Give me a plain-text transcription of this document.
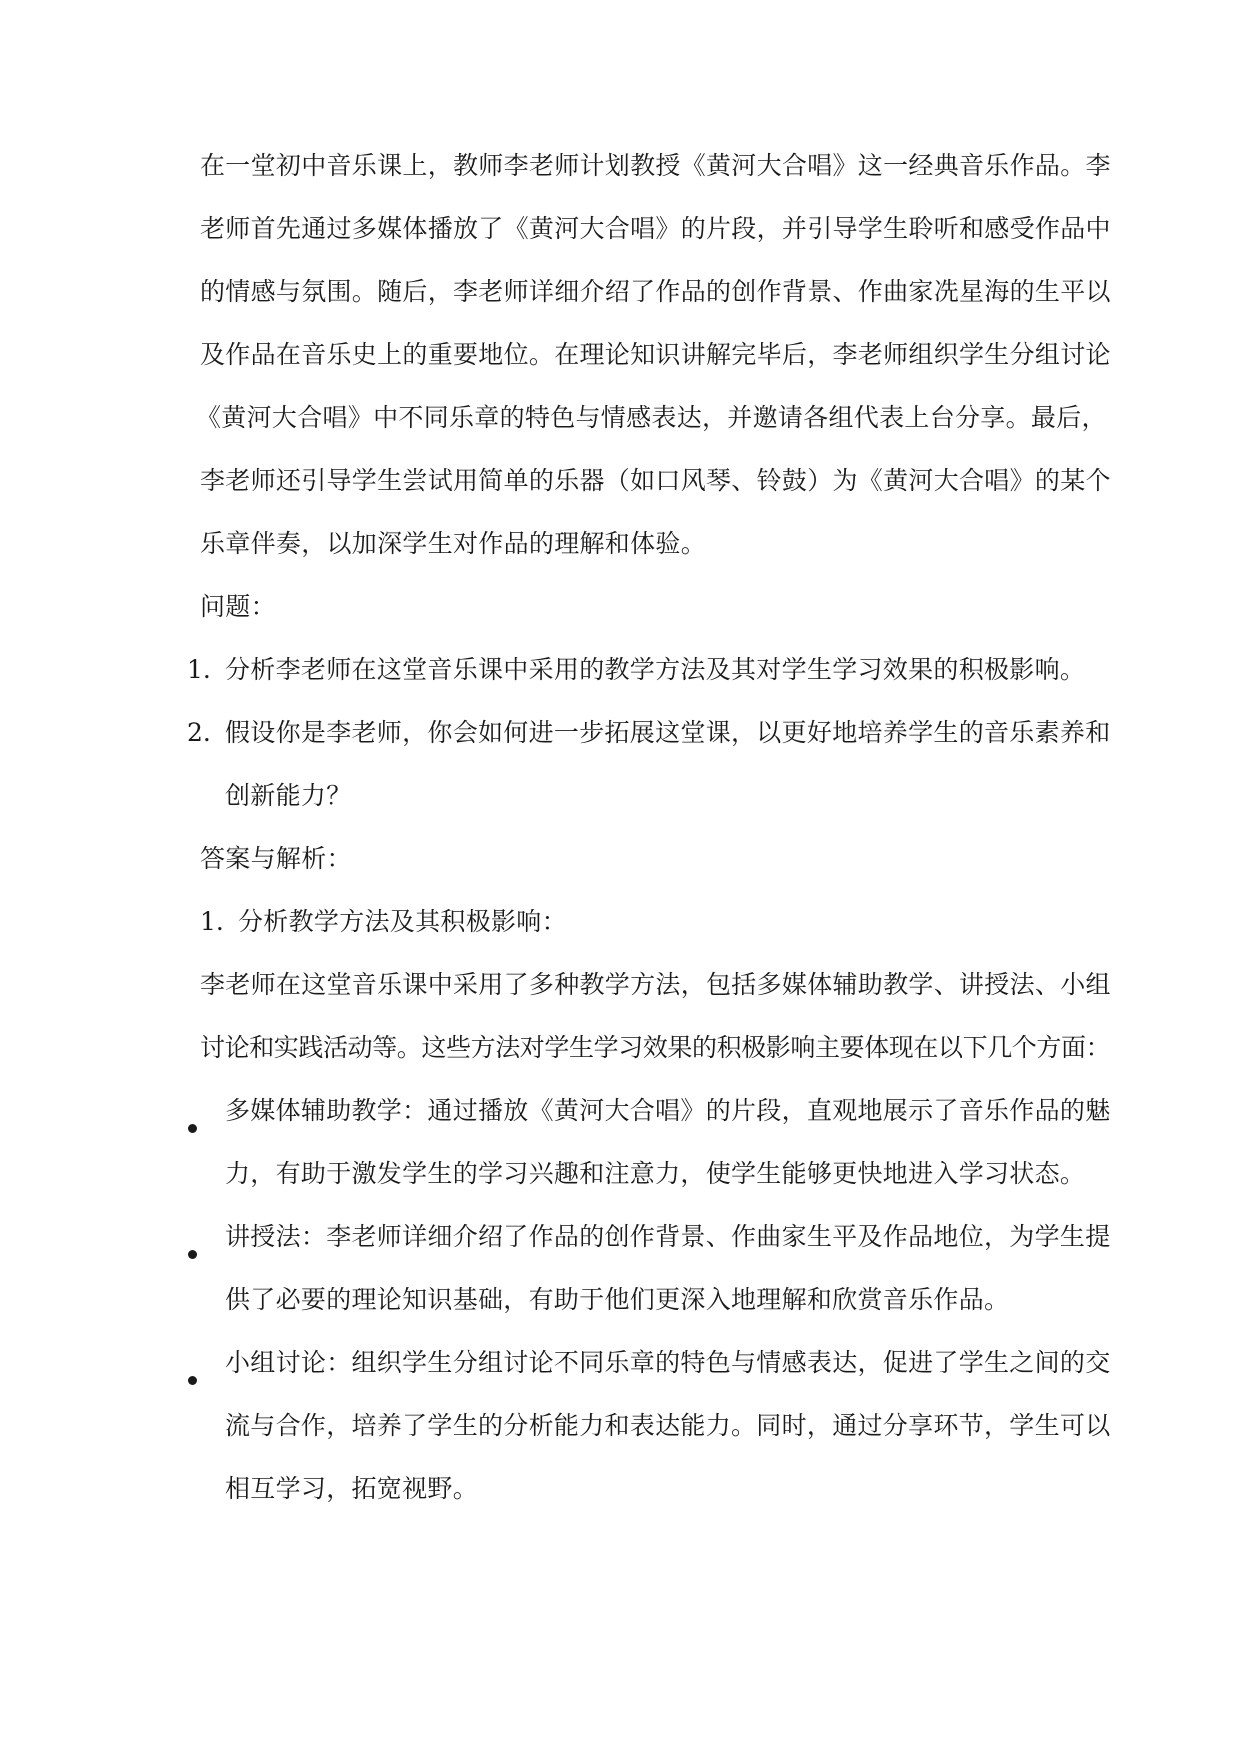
在一堂初中音乐课上，教师李老师计划教授《黄河大合唱》这一经典音乐作品。李
老师首先通过多媒体播放了《黄河大合唱》的片段，并引导学生聆听和感受作品中
的情感与氛围。随后，李老师详细介绍了作品的创作背景、作曲家冼星海的生平以
及作品在音乐史上的重要地位。在理论知识讲解完毕后，李老师组织学生分组讨论
《黄河大合唱》中不同乐章的特色与情感表达，并邀请各组代表上台分享。最后，
李老师还引导学生尝试用简单的乐器（如口风琴、铃鼓）为《黄河大合唱》的某个
乐章伴奏，以加深学生对作品的理解和体验。
问题：
1. 分析李老师在这堂音乐课中采用的教学方法及其对学生学习效果的积极影响。
2. 假设你是李老师，你会如何进一步拓展这堂课，以更好地培养学生的音乐素养和
创新能力？
答案与解析：
1. 分析教学方法及其积极影响：
李老师在这堂音乐课中采用了多种教学方法，包括多媒体辅助教学、讲授法、小组
讨论和实践活动等。这些方法对学生学习效果的积极影响主要体现在以下几个方面：
多媒体辅助教学：通过播放《黄河大合唱》的片段，直观地展示了音乐作品的魅
力，有助于激发学生的学习兴趣和注意力，使学生能够更快地进入学习状态。
讲授法：李老师详细介绍了作品的创作背景、作曲家生平及作品地位，为学生提
供了必要的理论知识基础，有助于他们更深入地理解和欣赏音乐作品。
小组讨论：组织学生分组讨论不同乐章的特色与情感表达，促进了学生之间的交
流与合作，培养了学生的分析能力和表达能力。同时，通过分享环节，学生可以
相互学习，拓宽视野。
